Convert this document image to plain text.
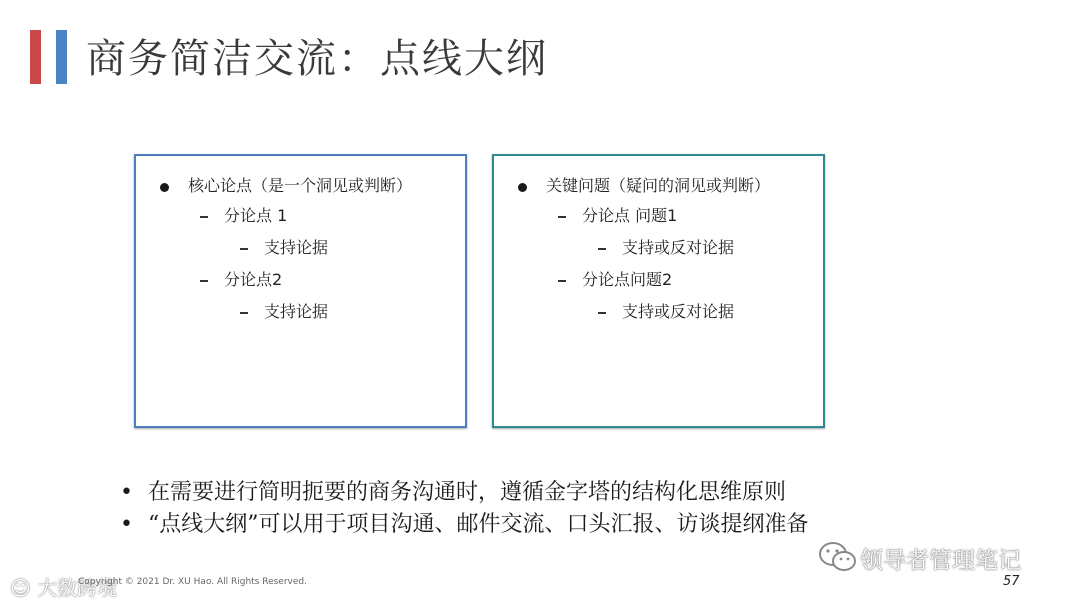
商务简洁交流：点线大纲
核心论点（是一个洞见或判断）
分论点 1
支持论据
分论点2
支持论据
关键问题（疑问的洞见或判断）
分论点 问题1
支持或反对论据
分论点问题2
支持或反对论据
• 在需要进行简明扼要的商务沟通时，遵循金字塔的结构化思维原则
• “点线大纲”可以用于项目沟通、邮件交流、口头汇报、访谈提纲准备
☺ 大数跨境
Copyright © 2021 Dr. XU Hao. All Rights Reserved.
领导者管理笔记
57
